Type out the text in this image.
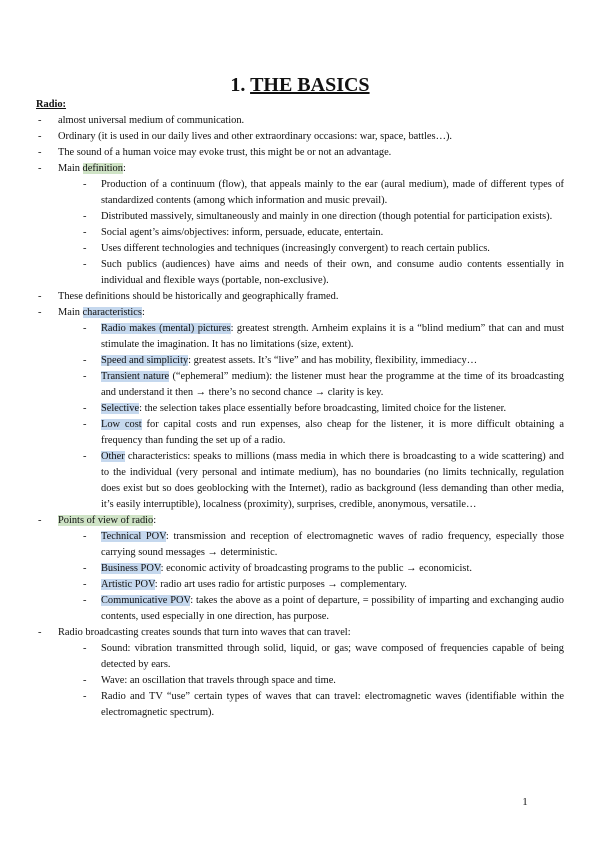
1. THE BASICS
Radio:
- almost universal medium of communication.
- Ordinary (it is used in our daily lives and other extraordinary occasions: war, space, battles…).
- The sound of a human voice may evoke trust, this might be or not an advantage.
- Main definition:
- Production of a continuum (flow), that appeals mainly to the ear (aural medium), made of different types of standardized contents (among which information and music prevail).
- Distributed massively, simultaneously and mainly in one direction (though potential for participation exists).
- Social agent’s aims/objectives: inform, persuade, educate, entertain.
- Uses different technologies and techniques (increasingly convergent) to reach certain publics.
- Such publics (audiences) have aims and needs of their own, and consume audio contents essentially in individual and flexible ways (portable, non-exclusive).
- These definitions should be historically and geographically framed.
- Main characteristics:
- Radio makes (mental) pictures: greatest strength. Arnheim explains it is a “blind medium” that can and must stimulate the imagination. It has no limitations (size, extent).
- Speed and simplicity: greatest assets. It’s “live” and has mobility, flexibility, immediacy…
- Transient nature (“ephemeral” medium): the listener must hear the programme at the time of its broadcasting and understand it then → there’s no second chance → clarity is key.
- Selective: the selection takes place essentially before broadcasting, limited choice for the listener.
- Low cost for capital costs and run expenses, also cheap for the listener, it is more difficult obtaining a frequency than funding the set up of a radio.
- Other characteristics: speaks to millions (mass media in which there is broadcasting to a wide scattering) and to the individual (very personal and intimate medium), has no boundaries (no limits technically, regulation does exist but so does geoblocking with the Internet), radio as background (less demanding than other media, it’s easily interruptible), localness (proximity), surprises, credible, anonymous, versatile…
- Points of view of radio:
- Technical POV: transmission and reception of electromagnetic waves of radio frequency, especially those carrying sound messages → deterministic.
- Business POV: economic activity of broadcasting programs to the public → economicist.
- Artistic POV: radio art uses radio for artistic purposes → complementary.
- Communicative POV: takes the above as a point of departure, = possibility of imparting and exchanging audio contents, used especially in one direction, has purpose.
- Radio broadcasting creates sounds that turn into waves that can travel:
- Sound: vibration transmitted through solid, liquid, or gas; wave composed of frequencies capable of being detected by ears.
- Wave: an oscillation that travels through space and time.
- Radio and TV “use” certain types of waves that can travel: electromagnetic waves (identifiable within the electromagnetic spectrum).
1
